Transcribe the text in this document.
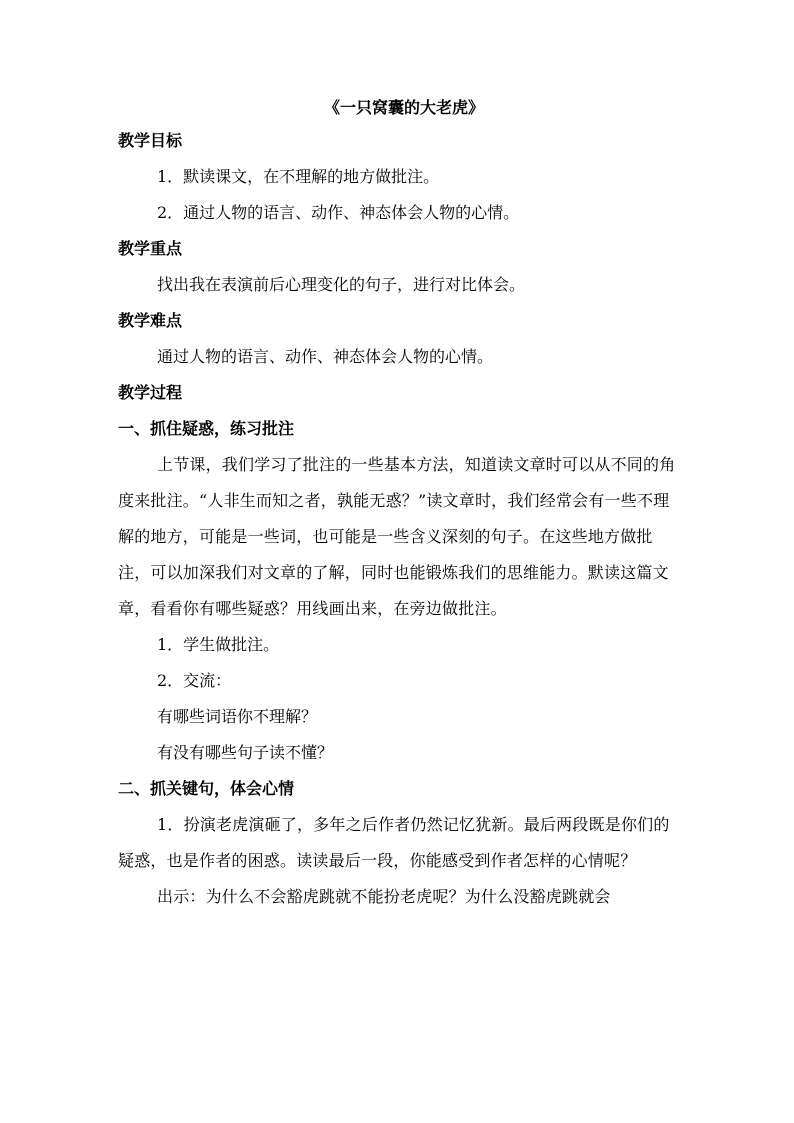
《一只窝囊的大老虎》
教学目标
1．默读课文，在不理解的地方做批注。
2．通过人物的语言、动作、神态体会人物的心情。
教学重点
找出我在表演前后心理变化的句子，进行对比体会。
教学难点
通过人物的语言、动作、神态体会人物的心情。
教学过程
一、抓住疑惑，练习批注
上节课，我们学习了批注的一些基本方法，知道读文章时可以从不同的角度来批注。“人非生而知之者，孰能无惑？”读文章时，我们经常会有一些不理解的地方，可能是一些词，也可能是一些含义深刻的句子。在这些地方做批注，可以加深我们对文章的了解，同时也能锻炼我们的思维能力。默读这篇文章，看看你有哪些疑惑？用线画出来，在旁边做批注。
1．学生做批注。
2．交流：
有哪些词语你不理解？
有没有哪些句子读不懂？
二、抓关键句，体会心情
1．扮演老虎演砸了，多年之后作者仍然记忆犹新。最后两段既是你们的疑惑，也是作者的困惑。读读最后一段，你能感受到作者怎样的心情呢？
出示：为什么不会豁虎跳就不能扮老虎呢？为什么没豁虎跳就会
